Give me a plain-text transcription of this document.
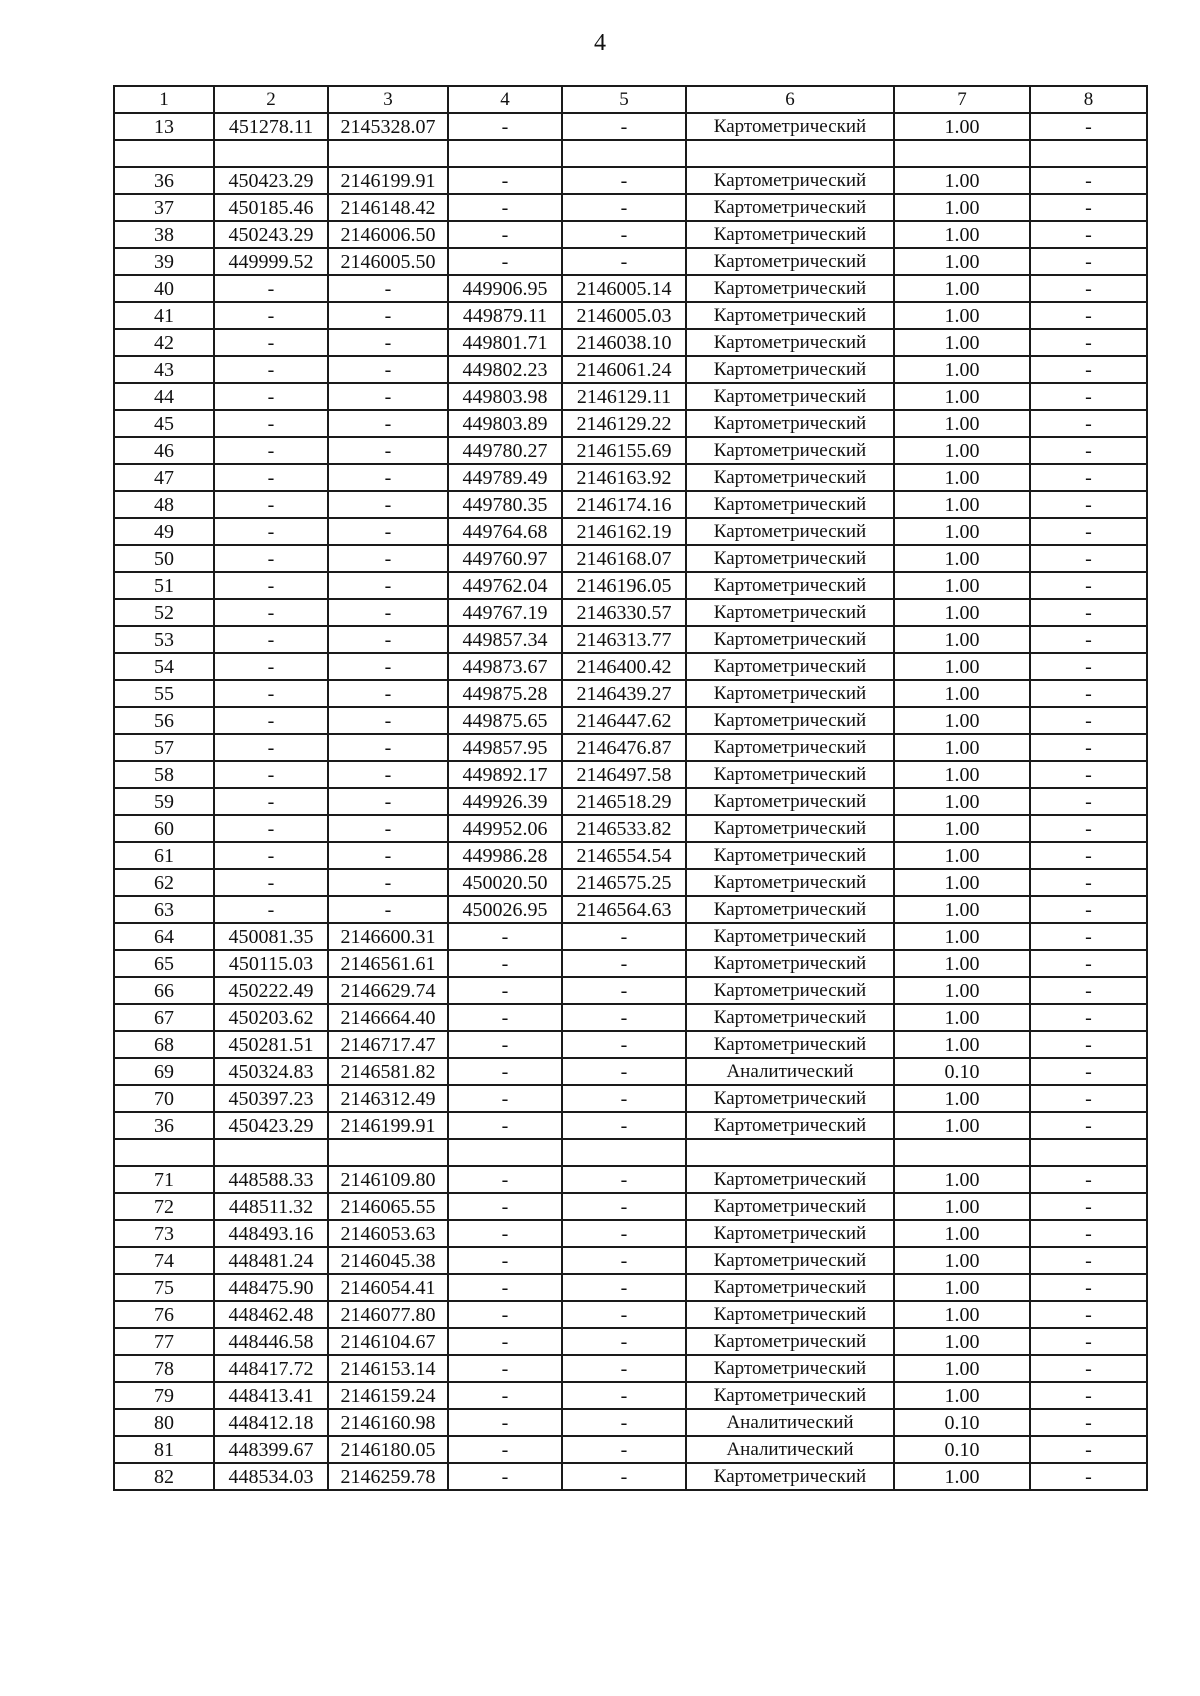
4
1	2	3	4	5	6	7	8
13	451278.11	2145328.07	-	-	Картометрический	1.00	-

36	450423.29	2146199.91	-	-	Картометрический	1.00	-
37	450185.46	2146148.42	-	-	Картометрический	1.00	-
38	450243.29	2146006.50	-	-	Картометрический	1.00	-
39	449999.52	2146005.50	-	-	Картометрический	1.00	-
40	-	-	449906.95	2146005.14	Картометрический	1.00	-
41	-	-	449879.11	2146005.03	Картометрический	1.00	-
42	-	-	449801.71	2146038.10	Картометрический	1.00	-
43	-	-	449802.23	2146061.24	Картометрический	1.00	-
44	-	-	449803.98	2146129.11	Картометрический	1.00	-
45	-	-	449803.89	2146129.22	Картометрический	1.00	-
46	-	-	449780.27	2146155.69	Картометрический	1.00	-
47	-	-	449789.49	2146163.92	Картометрический	1.00	-
48	-	-	449780.35	2146174.16	Картометрический	1.00	-
49	-	-	449764.68	2146162.19	Картометрический	1.00	-
50	-	-	449760.97	2146168.07	Картометрический	1.00	-
51	-	-	449762.04	2146196.05	Картометрический	1.00	-
52	-	-	449767.19	2146330.57	Картометрический	1.00	-
53	-	-	449857.34	2146313.77	Картометрический	1.00	-
54	-	-	449873.67	2146400.42	Картометрический	1.00	-
55	-	-	449875.28	2146439.27	Картометрический	1.00	-
56	-	-	449875.65	2146447.62	Картометрический	1.00	-
57	-	-	449857.95	2146476.87	Картометрический	1.00	-
58	-	-	449892.17	2146497.58	Картометрический	1.00	-
59	-	-	449926.39	2146518.29	Картометрический	1.00	-
60	-	-	449952.06	2146533.82	Картометрический	1.00	-
61	-	-	449986.28	2146554.54	Картометрический	1.00	-
62	-	-	450020.50	2146575.25	Картометрический	1.00	-
63	-	-	450026.95	2146564.63	Картометрический	1.00	-
64	450081.35	2146600.31	-	-	Картометрический	1.00	-
65	450115.03	2146561.61	-	-	Картометрический	1.00	-
66	450222.49	2146629.74	-	-	Картометрический	1.00	-
67	450203.62	2146664.40	-	-	Картометрический	1.00	-
68	450281.51	2146717.47	-	-	Картометрический	1.00	-
69	450324.83	2146581.82	-	-	Аналитический	0.10	-
70	450397.23	2146312.49	-	-	Картометрический	1.00	-
36	450423.29	2146199.91	-	-	Картометрический	1.00	-

71	448588.33	2146109.80	-	-	Картометрический	1.00	-
72	448511.32	2146065.55	-	-	Картометрический	1.00	-
73	448493.16	2146053.63	-	-	Картометрический	1.00	-
74	448481.24	2146045.38	-	-	Картометрический	1.00	-
75	448475.90	2146054.41	-	-	Картометрический	1.00	-
76	448462.48	2146077.80	-	-	Картометрический	1.00	-
77	448446.58	2146104.67	-	-	Картометрический	1.00	-
78	448417.72	2146153.14	-	-	Картометрический	1.00	-
79	448413.41	2146159.24	-	-	Картометрический	1.00	-
80	448412.18	2146160.98	-	-	Аналитический	0.10	-
81	448399.67	2146180.05	-	-	Аналитический	0.10	-
82	448534.03	2146259.78	-	-	Картометрический	1.00	-
